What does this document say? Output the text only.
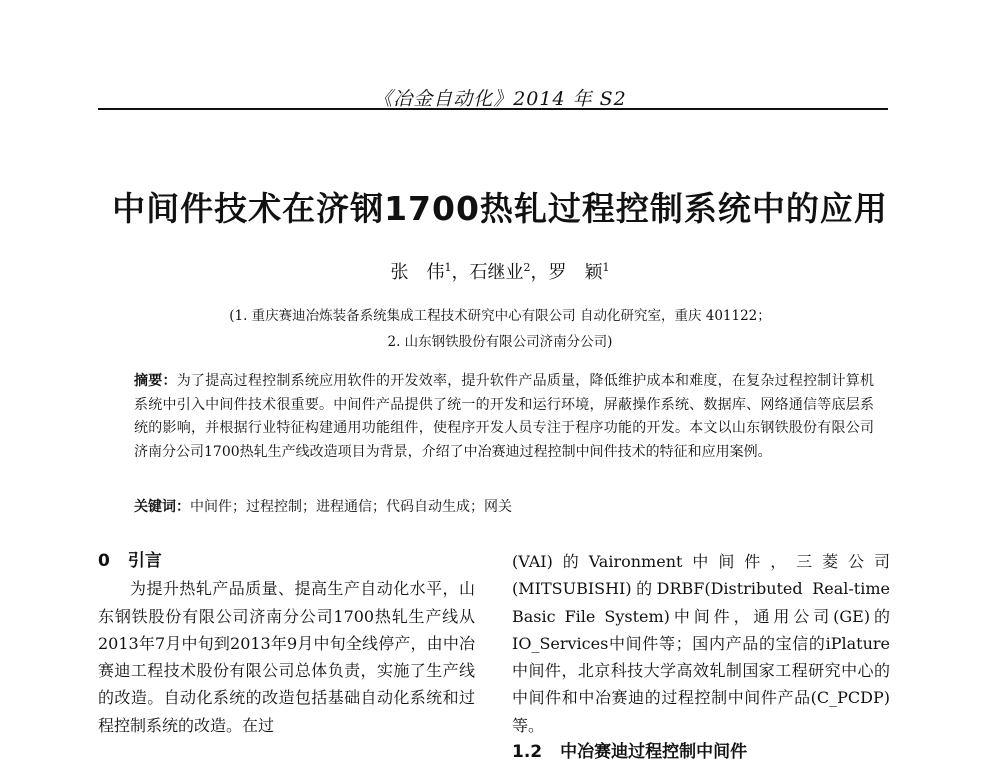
《冶金自动化》2014 年 S2
中间件技术在济钢1700热轧过程控制系统中的应用
张　伟$^1$，石继业$^2$，罗　颖$^1$
(1. 重庆赛迪冶炼装备系统集成工程技术研究中心有限公司 自动化研究室，重庆 401122；
2. 山东钢铁股份有限公司济南分公司)
摘要：为了提高过程控制系统应用软件的开发效率，提升软件产品质量，降低维护成本和难度，在复杂过程控制计算机系统中引入中间件技术很重要。中间件产品提供了统一的开发和运行环境，屏蔽操作系统、数据库、网络通信等底层系统的影响，并根据行业特征构建通用功能组件，使程序开发人员专注于程序功能的开发。本文以山东钢铁股份有限公司济南分公司1700热轧生产线改造项目为背景，介绍了中冶赛迪过程控制中间件技术的特征和应用案例。
关键词：中间件；过程控制；进程通信；代码自动生成；网关
0 引言
为提升热轧产品质量、提高生产自动化水平，山东钢铁股份有限公司济南分公司1700热轧生产线从2013年7月中旬到2013年9月中旬全线停产，由中冶赛迪工程技术股份有限公司总体负责，实施了生产线的改造。自动化系统的改造包括基础自动化系统和过程控制系统的改造。在过
(VAI)的Vaironment中间件，三菱公司(MITSUBISHI)的DRBF(Distributed Real-time Basic File System)中间件，通用公司(GE)的IO_Services中间件等；国内产品的宝信的iPlature中间件，北京科技大学高效轧制国家工程研究中心的中间件和中冶赛迪的过程控制中间件产品(C_PCDP)等。
1.2 中冶赛迪过程控制中间件
